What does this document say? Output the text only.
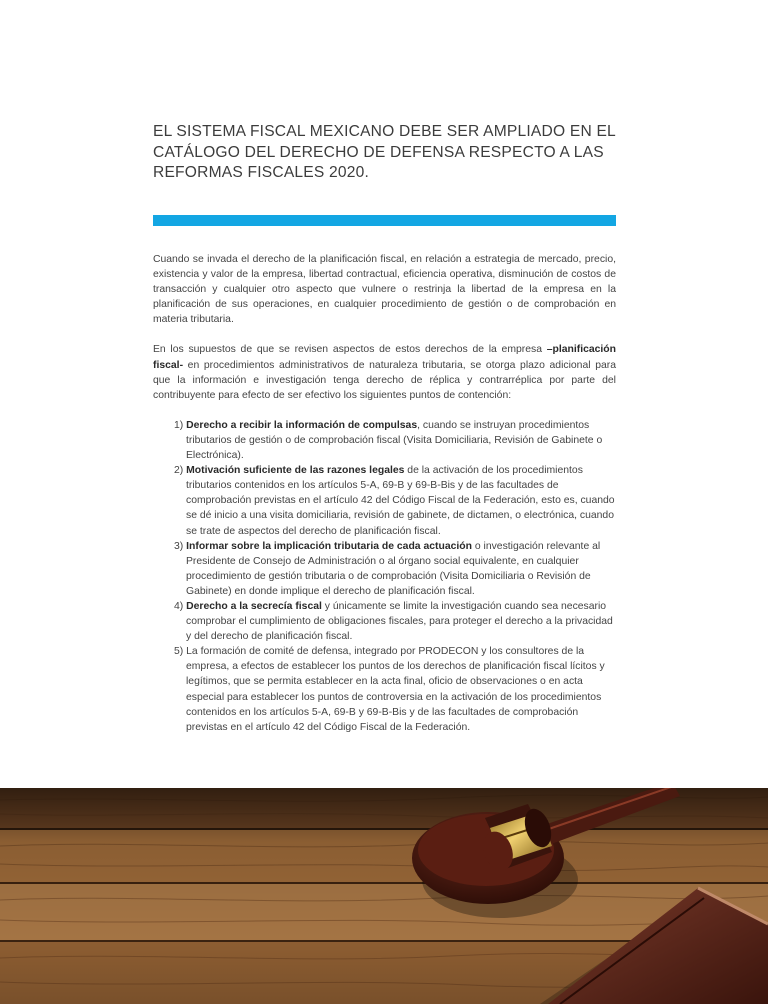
EL SISTEMA FISCAL MEXICANO DEBE SER AMPLIADO EN EL
CATÁLOGO DEL DERECHO DE DEFENSA RESPECTO A LAS
REFORMAS FISCALES 2020.

Cuando se invada el derecho de la planificación fiscal, en relación a estrategia de mercado, precio, existencia y valor de la empresa, libertad contractual, eficiencia operativa, disminución de costos de transacción y cualquier otro aspecto que vulnere o restrinja la libertad de la empresa en la planificación de sus operaciones, en cualquier procedimiento de gestión o de comprobación en materia tributaria.

En los supuestos de que se revisen aspectos de estos derechos de la empresa –planificación fiscal- en procedimientos administrativos de naturaleza tributaria, se otorga plazo adicional para que la información e investigación tenga derecho de réplica y contrarréplica por parte del contribuyente para efecto de ser efectivo los siguientes puntos de contención:

1) Derecho a recibir la información de compulsas, cuando se instruyan procedimientos tributarios de gestión o de comprobación fiscal (Visita Domiciliaria, Revisión de Gabinete o Electrónica).
2) Motivación suficiente de las razones legales de la activación de los procedimientos tributarios contenidos en los artículos 5-A, 69-B y 69-B-Bis y de las facultades de comprobación previstas en el artículo 42 del Código Fiscal de la Federación, esto es, cuando se dé inicio a una visita domiciliaria, revisión de gabinete, de dictamen, o electrónica, cuando se trate de aspectos del derecho de planificación fiscal.
3) Informar sobre la implicación tributaria de cada actuación o investigación relevante al Presidente de Consejo de Administración o al órgano social equivalente, en cualquier procedimiento de gestión tributaria o de comprobación (Visita Domiciliaria o Revisión de Gabinete) en donde implique el derecho de planificación fiscal.
4) Derecho a la secrecía fiscal y únicamente se limite la investigación cuando sea necesario comprobar el cumplimiento de obligaciones fiscales, para proteger el derecho a la privacidad y del derecho de planificación fiscal.
5) La formación de comité de defensa, integrado por PRODECON y los consultores de la empresa, a efectos de establecer los puntos de los derechos de planificación fiscal lícitos y legítimos, que se permita establecer en la acta final, oficio de observaciones o en acta especial para establecer los puntos de controversia en la activación de los procedimientos contenidos en los artículos 5-A, 69-B y 69-B-Bis y de las facultades de comprobación previstas en el artículo 42 del Código Fiscal de la Federación.
